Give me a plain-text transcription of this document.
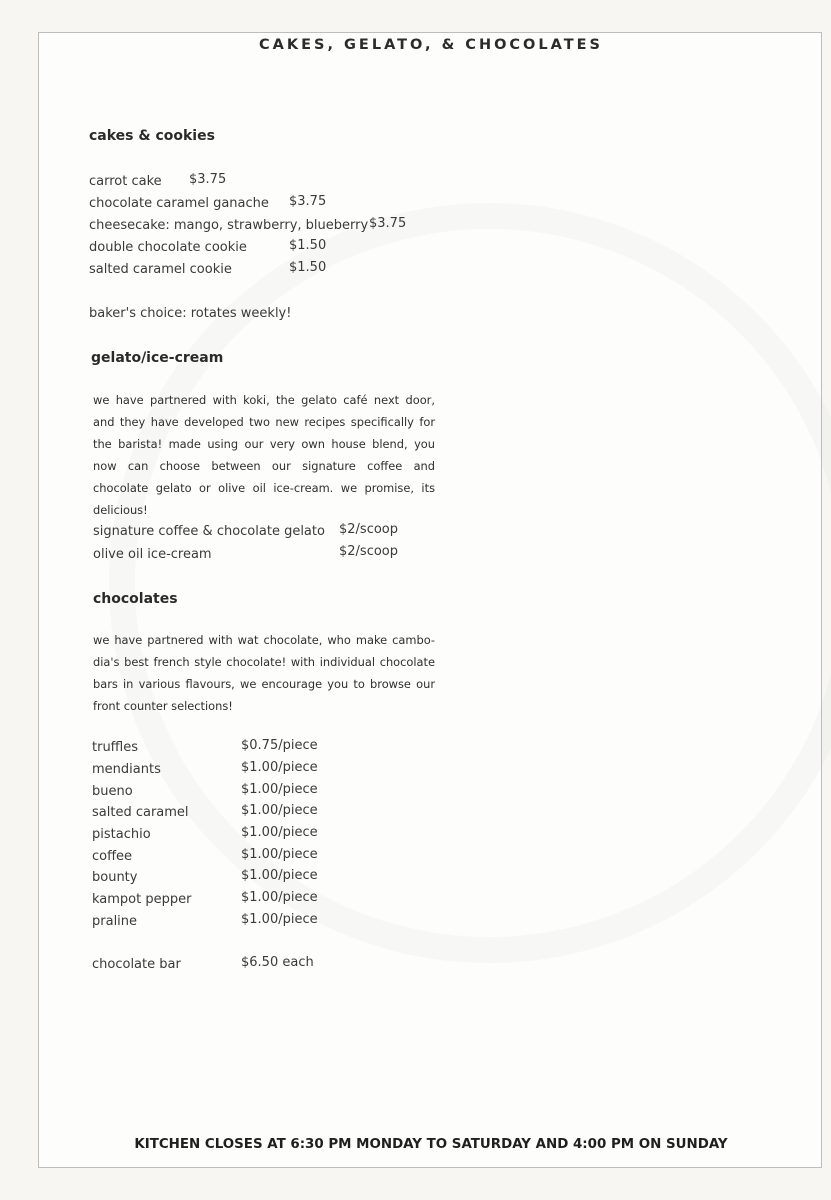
CAKES, GELATO, & CHOCOLATES
cakes & cookies
carrot cake $3.75
chocolate caramel ganache $3.75
cheesecake: mango, strawberry, blueberry $3.75
double chocolate cookie	$1.50
salted caramel cookie	$1.50
baker's choice: rotates weekly!
gelato/ice-cream
we have partnered with koki, the gelato café next door, and they have developed two new recipes specifically for the barista! made using our very own house blend, you now can choose between our signature coffee and chocolate gelato or olive oil ice-cream. we promise, its delicious!
signature coffee & chocolate gelato $2/scoop
olive oil ice-cream	$2/scoop
chocolates
we have partnered with wat chocolate, who make cambo-dia's best french style chocolate! with individual chocolate bars in various flavours, we encourage you to browse our front counter selections!
truffles	$0.75/piece
mendiants	$1.00/piece
bueno	$1.00/piece
salted caramel	$1.00/piece
pistachio	$1.00/piece
coffee	$1.00/piece
bounty	$1.00/piece
kampot pepper	$1.00/piece
praline	$1.00/piece
chocolate bar	$6.50 each
KITCHEN CLOSES AT 6:30 PM MONDAY TO SATURDAY AND 4:00 PM ON SUNDAY
